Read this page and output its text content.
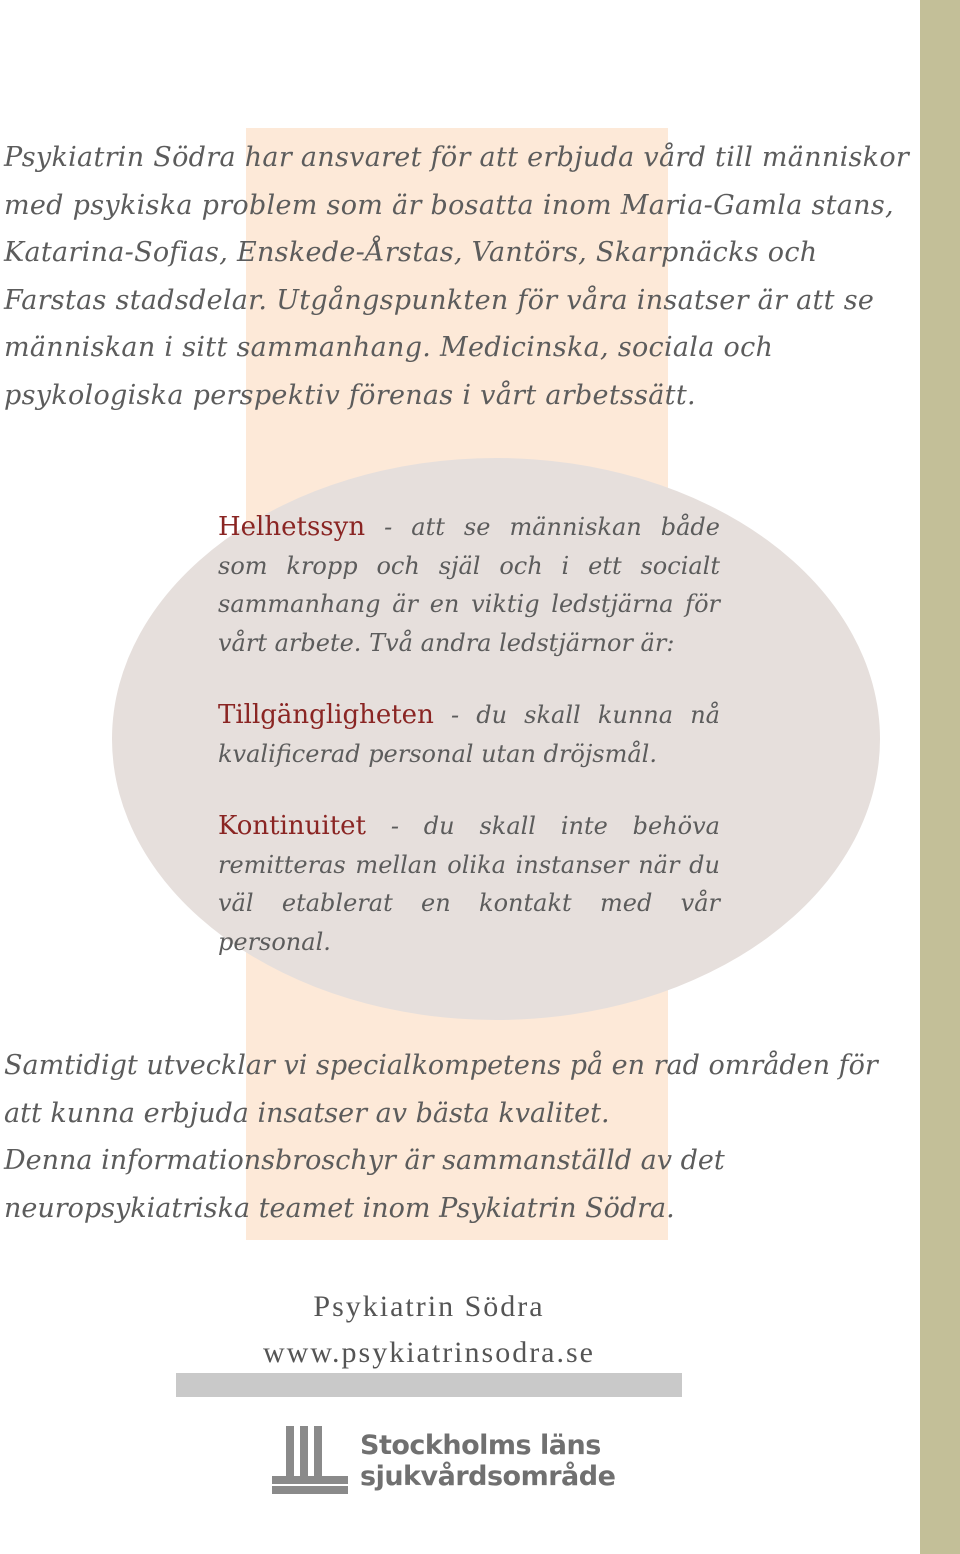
Psykiatrin Södra har ansvaret för att erbjuda vård till människor med psykiska problem som är bosatta inom Maria-Gamla stans, Katarina-Sofias, Enskede-Årstas, Vantörs, Skarpnäcks och Farstas stadsdelar. Utgångspunkten för våra insatser är att se människan i sitt sammanhang. Medicinska, sociala och psykologiska perspektiv förenas i vårt arbetssätt.

Helhetssyn - att se människan både som kropp och själ och i ett socialt sammanhang är en viktig ledstjärna för vårt arbete. Två andra ledstjärnor är:

Tillgängligheten - du skall kunna nå kvalificerad personal utan dröjsmål.

Kontinuitet - du skall inte behöva remitteras mellan olika instanser när du väl etablerat en kontakt med vår personal.

Samtidigt utvecklar vi specialkompetens på en rad områden för att kunna erbjuda insatser av bästa kvalitet.

Denna informationsbroschyr är sammanställd av det neuropsykiatriska teamet inom Psykiatrin Södra.

Psykiatrin Södra
www.psykiatrinsodra.se
Stockholms läns
sjukvårdsområde
